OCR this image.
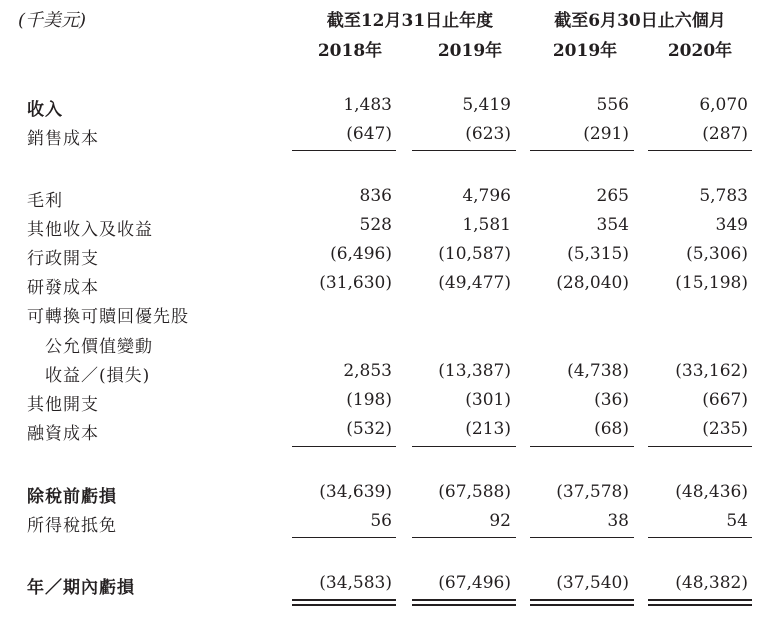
(千美元)	截至12月31日止年度	截至6月30日止六個月
2018年	2019年	2019年	2020年
收入	1,483	5,419	556	6,070
銷售成本	(647)	(623)	(291)	(287)
毛利	836	4,796	265	5,783
其他收入及收益	528	1,581	354	349
行政開支	(6,496)	(10,587)	(5,315)	(5,306)
研發成本	(31,630)	(49,477)	(28,040)	(15,198)
可轉換可贖回優先股
公允價值變動
收益／(損失)	2,853	(13,387)	(4,738)	(33,162)
其他開支	(198)	(301)	(36)	(667)
融資成本	(532)	(213)	(68)	(235)
除稅前虧損	(34,639)	(67,588)	(37,578)	(48,436)
所得稅抵免	56	92	38	54
年／期內虧損	(34,583)	(67,496)	(37,540)	(48,382)
